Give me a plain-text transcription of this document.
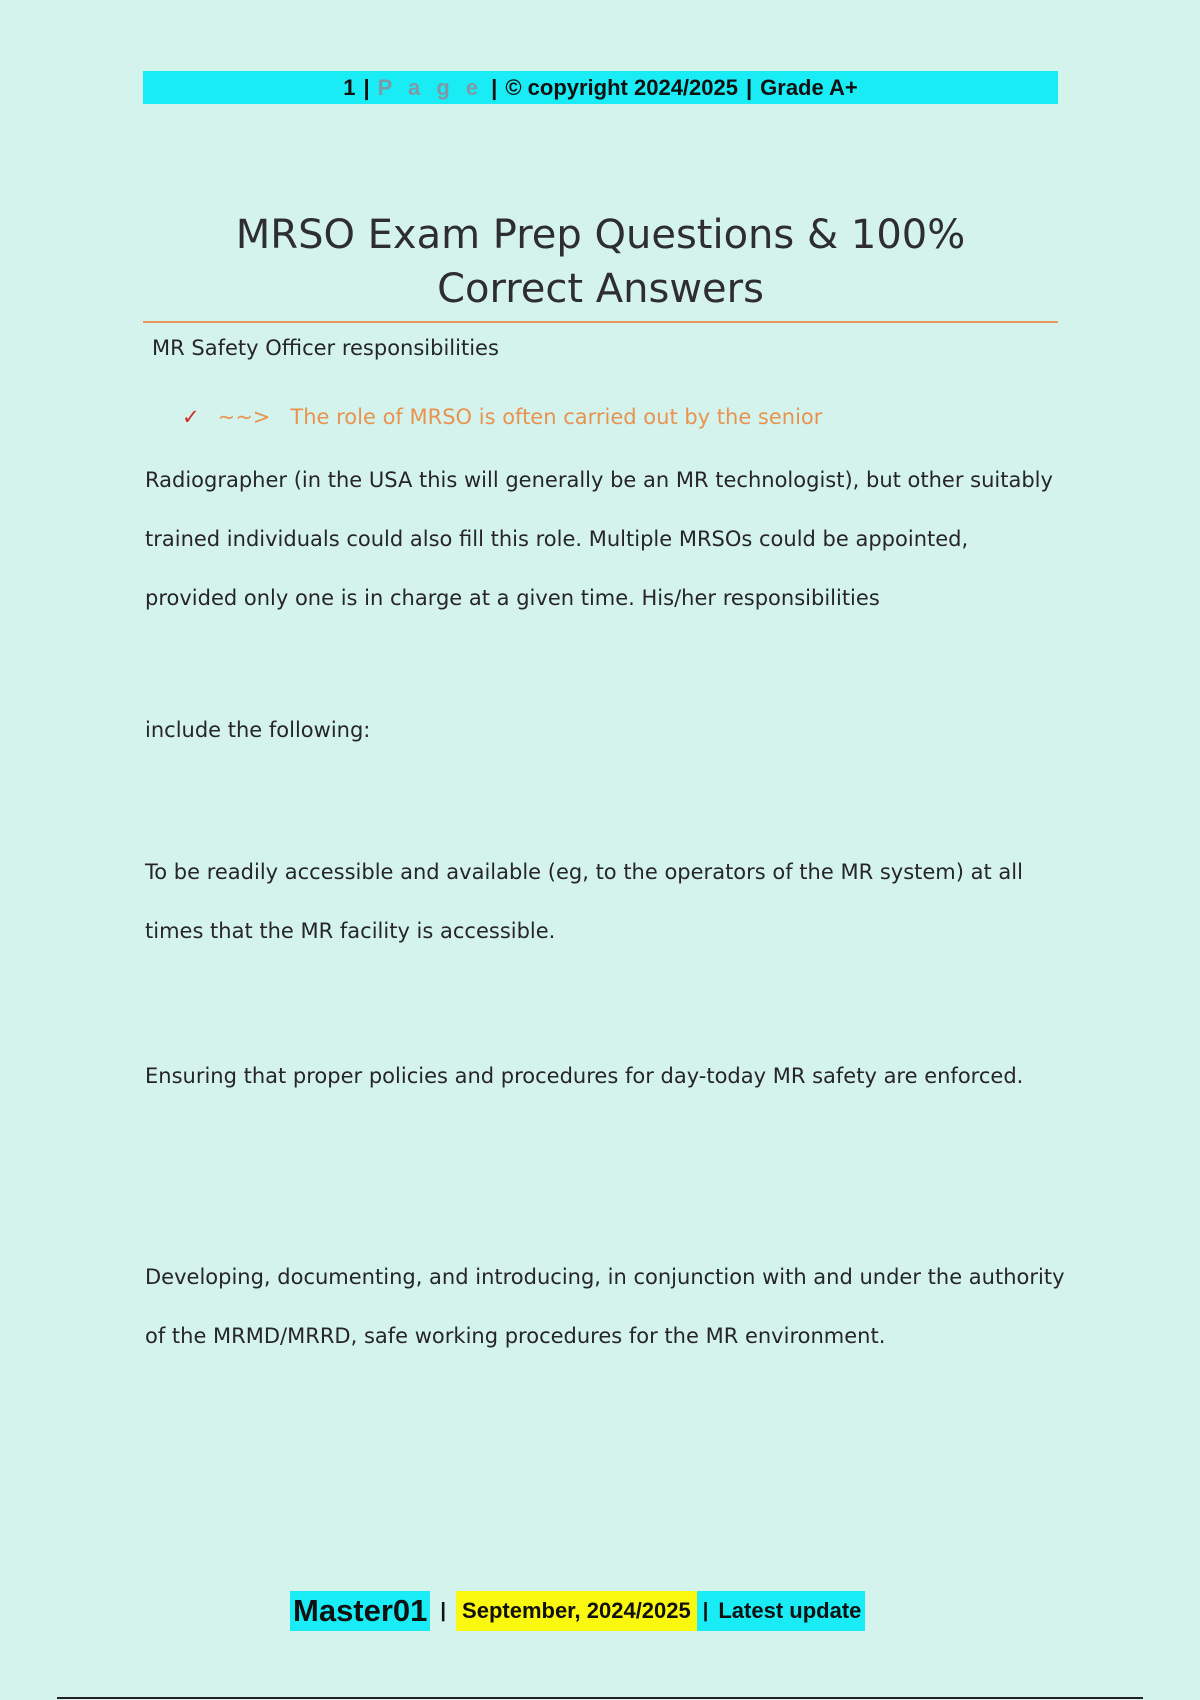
1 | P a g e | © copyright 2024/2025 | Grade A+
MRSO Exam Prep Questions & 100%
Correct Answers
MR Safety Officer responsibilities
✓ ~~> The role of MRSO is often carried out by the senior
Radiographer (in the USA this will generally be an MR technologist), but other suitably trained individuals could also fill this role. Multiple MRSOs could be appointed, provided only one is in charge at a given time. His/her responsibilities
include the following:
To be readily accessible and available (eg, to the operators of the MR system) at all times that the MR facility is accessible.
Ensuring that proper policies and procedures for day-today MR safety are enforced.
Developing, documenting, and introducing, in conjunction with and under the authority of the MRMD/MRRD, safe working procedures for the MR environment.
Master01 | September, 2024/2025 | Latest update
